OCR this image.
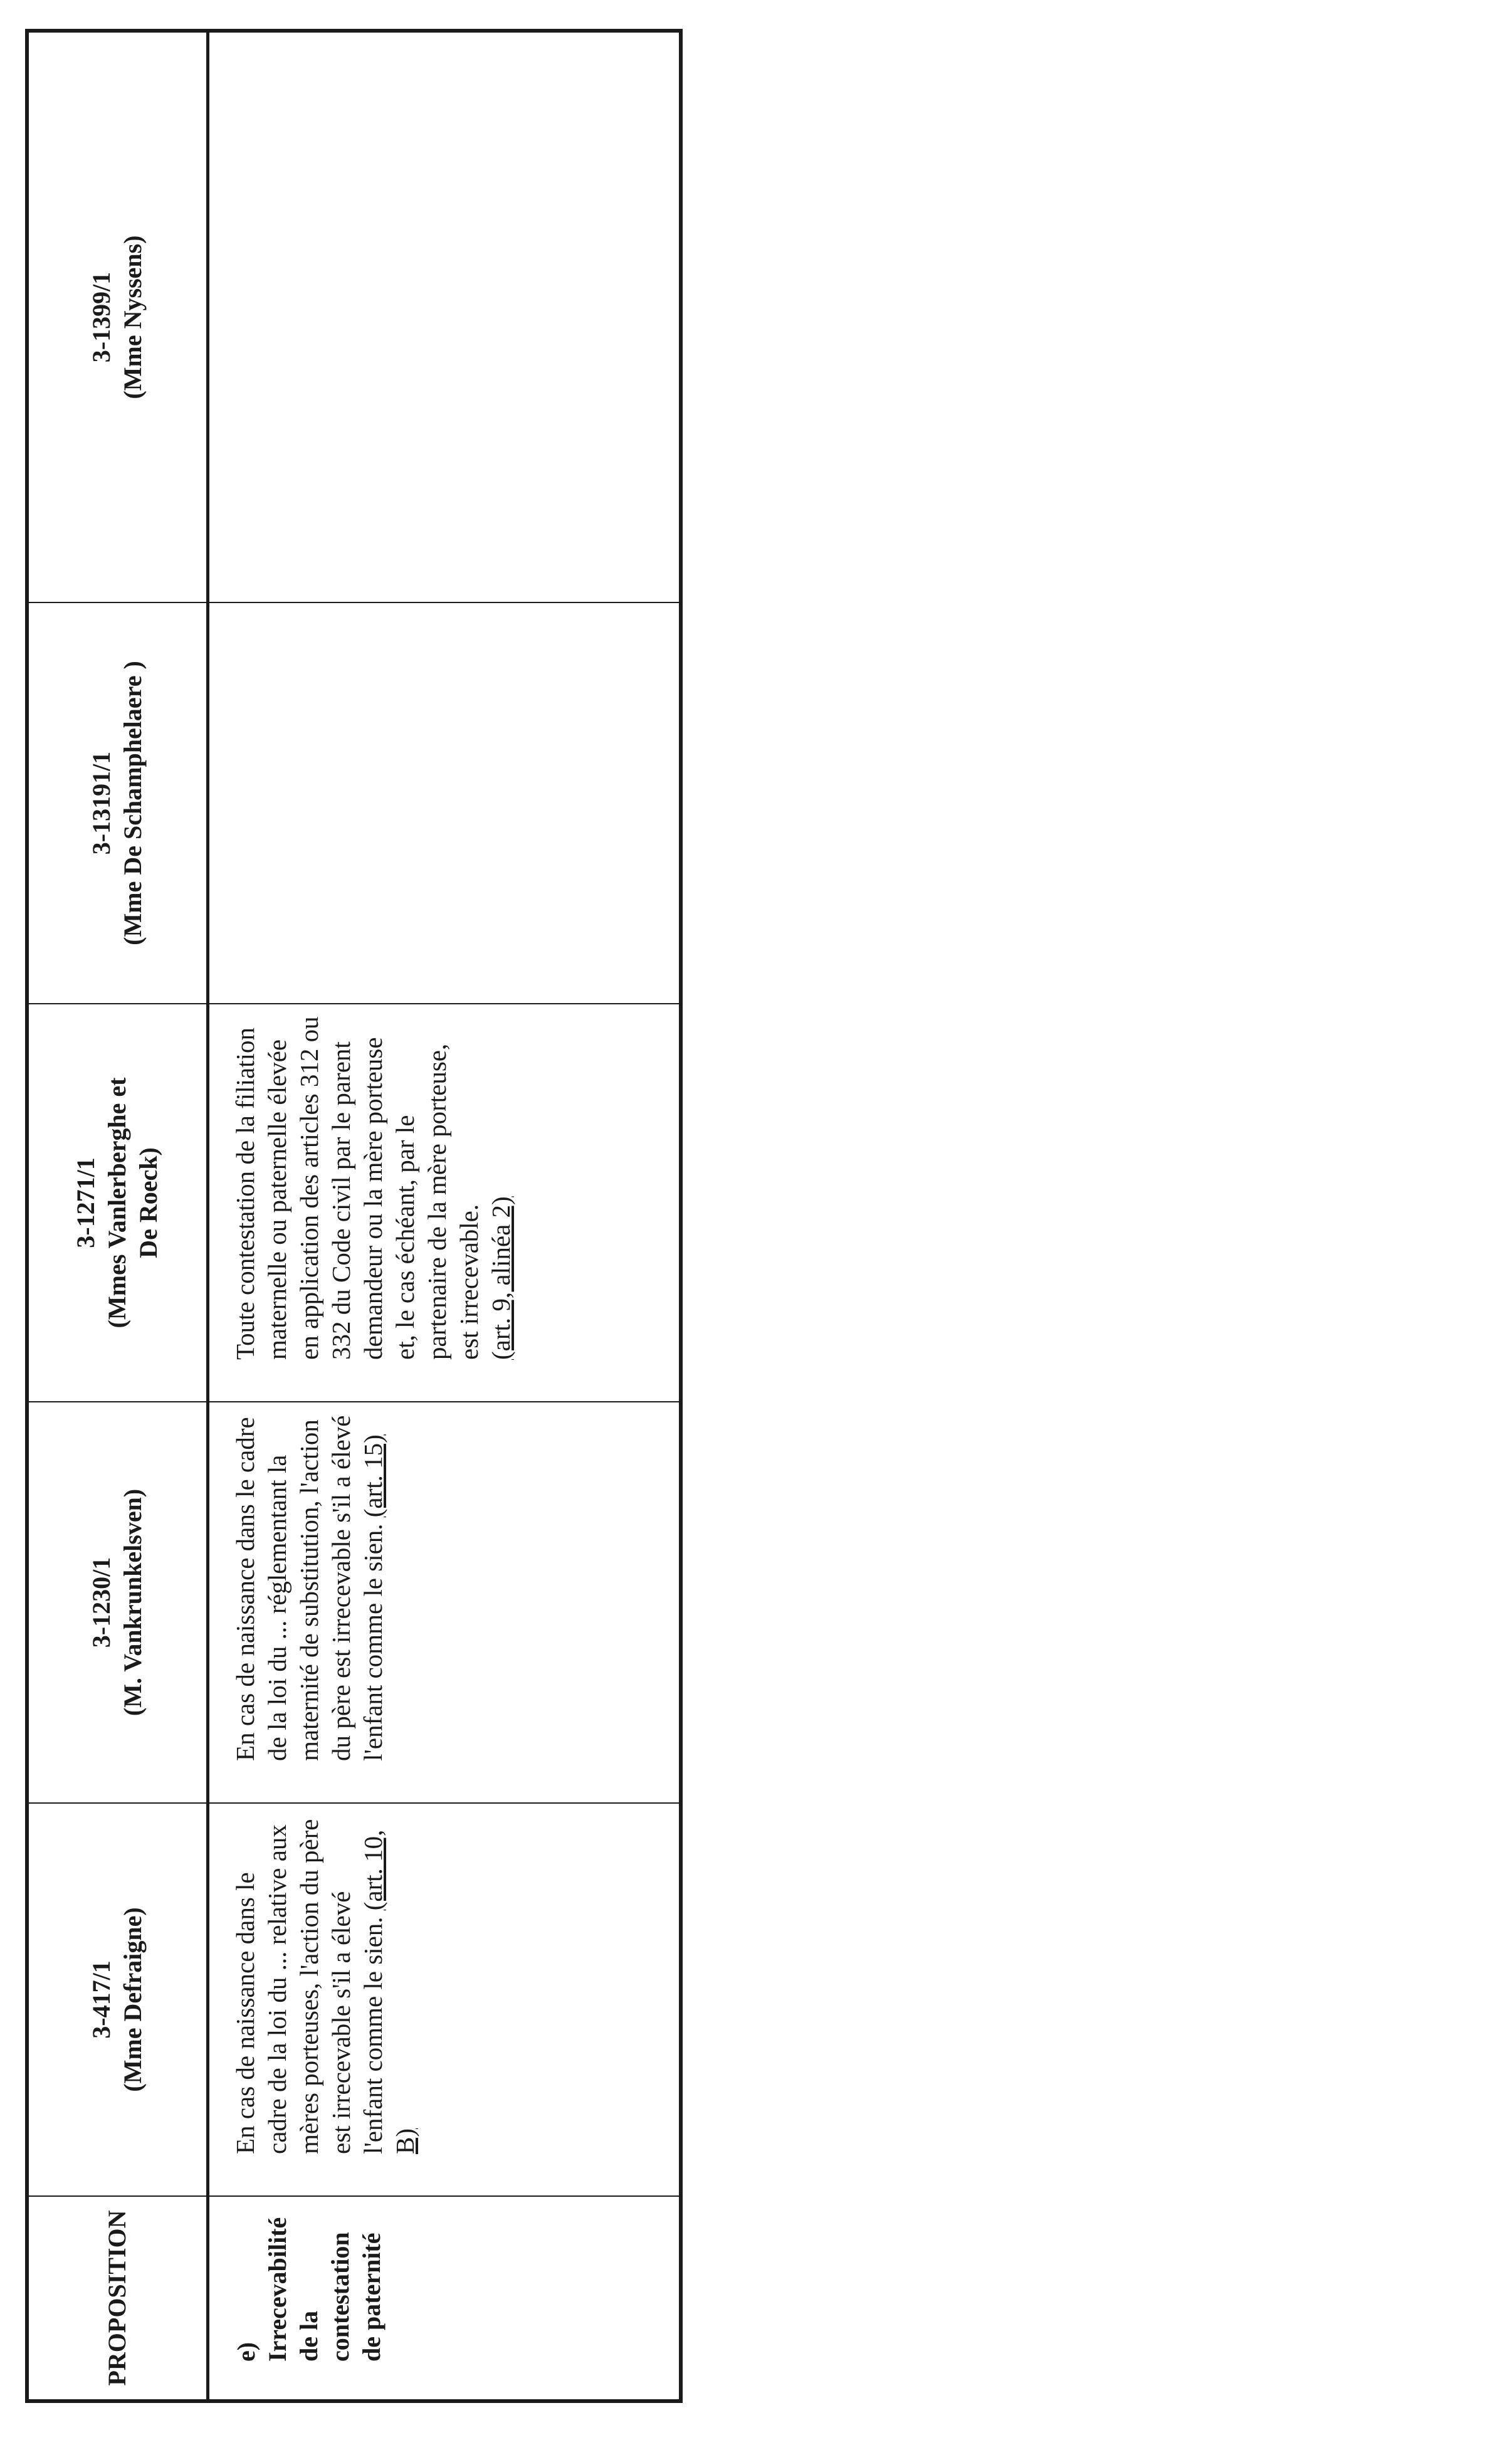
PROPOSITION	3-417/1 (Mme Defraigne)	3-1230/1 (M. Vankrunkelsven)	3-1271/1 (Mmes Vanlerberghe et De Roeck)	3-13191/1 (Mme De Schamphelaere )	3-1399/1 (Mme Nyssens)

e) Irrecevabilité de la contestation de paternité	En cas de naissance dans le cadre de la loi du ... relative aux mères porteuses, l'action du père est irrecevable s'il a élevé l'enfant comme le sien. (art. 10, B)	En cas de naissance dans le cadre de la loi du ... réglementant la maternité de substitution, l'action du père est irrecevable s'il a élevé l'enfant comme le sien. (art. 15)	Toute contestation de la filiation maternelle ou paternelle élevée en application des articles 312 ou 332 du Code civil par le parent demandeur ou la mère porteuse et, le cas échéant, par le partenaire de la mère porteuse, est irrecevable. (art. 9, alinéa 2)		
